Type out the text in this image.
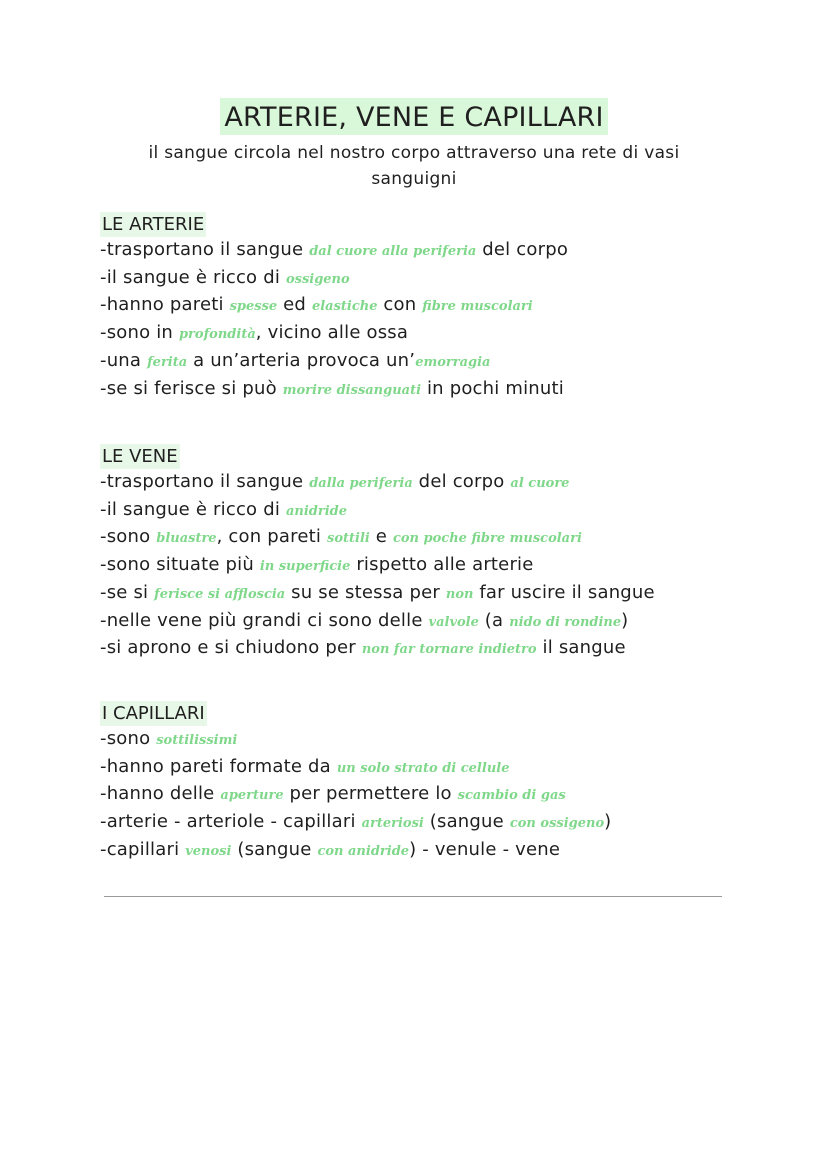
ARTERIE, VENE E CAPILLARI
il sangue circola nel nostro corpo attraverso una rete di vasi sanguigni
LE ARTERIE
-trasportano il sangue dal cuore alla periferia del corpo
-il sangue è ricco di ossigeno
-hanno pareti spesse ed elastiche con fibre muscolari
-sono in profondità, vicino alle ossa
-una ferita a un’arteria provoca un’emorragia
-se si ferisce si può morire dissanguati in pochi minuti
LE VENE
-trasportano il sangue dalla periferia del corpo al cuore
-il sangue è ricco di anidride
-sono bluastre, con pareti sottili e con poche fibre muscolari
-sono situate più in superficie rispetto alle arterie
-se si ferisce si affloscia su se stessa per non far uscire il sangue
-nelle vene più grandi ci sono delle valvole (a nido di rondine)
-si aprono e si chiudono per non far tornare indietro il sangue
I CAPILLARI
-sono sottilissimi
-hanno pareti formate da un solo strato di cellule
-hanno delle aperture per permettere lo scambio di gas
-arterie - arteriole - capillari arteriosi (sangue con ossigeno)
-capillari venosi (sangue con anidride) - venule - vene
